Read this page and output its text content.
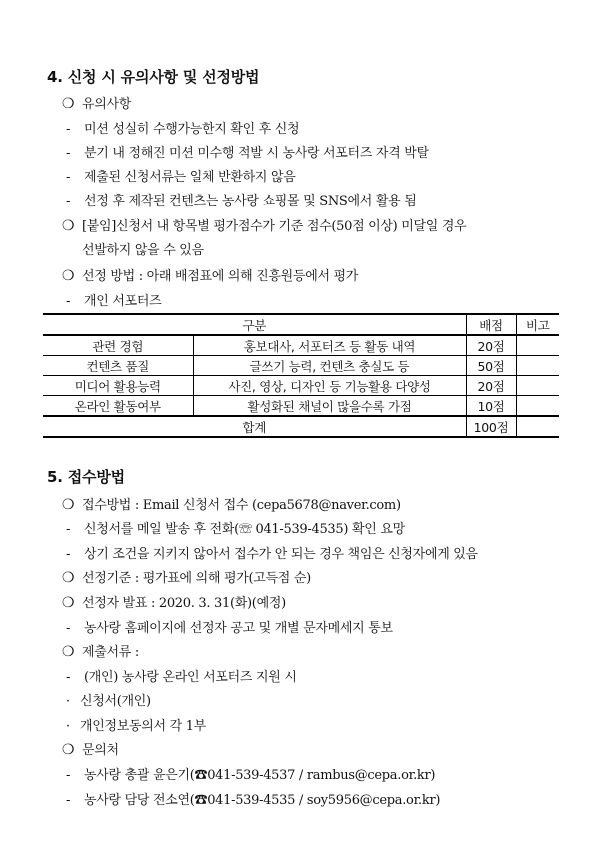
4. 신청 시 유의사항 및 선정방법
❍ 유의사항
- 미션 성실히 수행가능한지 확인 후 신청
- 분기 내 정해진 미션 미수행 적발 시 농사랑 서포터즈 자격 박탈
- 제출된 신청서류는 일체 반환하지 않음
- 선정 후 제작된 컨텐츠는 농사랑 쇼핑몰 및 SNS에서 활용 됨
❍ [붙임]신청서 내 항목별 평가점수가 기준 점수(50점 이상) 미달일 경우
선발하지 않을 수 있음
❍ 선정 방법 : 아래 배점표에 의해 진흥원등에서 평가
- 개인 서포터즈
구분		배점	비고
관련 경험	홍보대사, 서포터즈 등 활동 내역	20점	
컨텐츠 품질	글쓰기 능력, 컨텐츠 충실도 등	50점	
미디어 활용능력	사진, 영상, 디자인 등 기능활용 다양성	20점	
온라인 활동여부	활성화된 채널이 많을수록 가점	10점	
합계		100점	
5. 접수방법
❍ 접수방법 : Email 신청서 접수 (cepa5678@naver.com)
- 신청서를 메일 발송 후 전화(☏ 041-539-4535) 확인 요망
- 상기 조건을 지키지 않아서 접수가 안 되는 경우 책임은 신청자에게 있음
❍ 선정기준 : 평가표에 의해 평가(고득점 순)
❍ 선정자 발표 : 2020. 3. 31(화)(예정)
- 농사랑 홈페이지에 선정자 공고 및 개별 문자메세지 통보
❍ 제출서류 :
- (개인) 농사랑 온라인 서포터즈 지원 시
· 신청서(개인)
· 개인정보동의서 각 1부
❍ 문의처
- 농사랑 총괄 윤은기(☎041-539-4537 / rambus@cepa.or.kr)
- 농사랑 담당 전소연(☎041-539-4535 / soy5956@cepa.or.kr)
